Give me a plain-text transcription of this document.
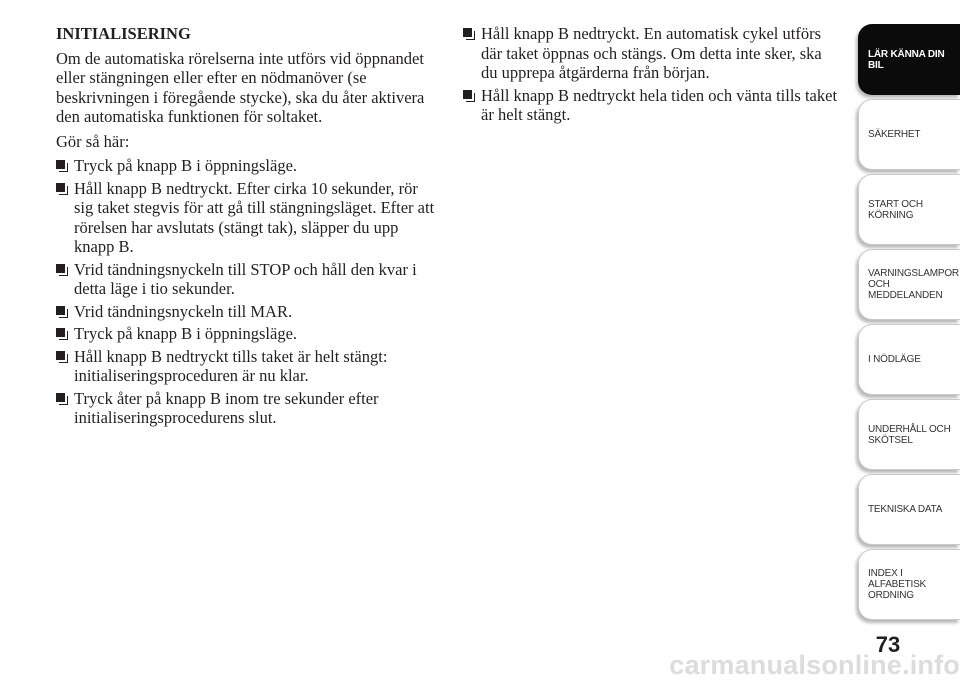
INITIALISERING
Om de automatiska rörelserna inte utförs vid öppnandet eller stängningen eller efter en nödmanöver (se beskrivningen i föregående stycke), ska du åter aktivera den automatiska funktionen för soltaket.
Gör så här:
Tryck på knapp B i öppningsläge.
Håll knapp B nedtryckt. Efter cirka 10 sekunder, rör sig taket stegvis för att gå till stängningsläget. Efter att rörelsen har avslutats (stängt tak), släpper du upp knapp B.
Vrid tändningsnyckeln till STOP och håll den kvar i detta läge i tio sekunder.
Vrid tändningsnyckeln till MAR.
Tryck på knapp B i öppningsläge.
Håll knapp B nedtryckt tills taket är helt stängt: initialiseringsproceduren är nu klar.
Tryck åter på knapp B inom tre sekunder efter initialiseringsprocedurens slut.
Håll knapp B nedtryckt. En automatisk cykel utförs där taket öppnas och stängs. Om detta inte sker, ska du upprepa åtgärderna från början.
Håll knapp B nedtryckt hela tiden och vänta tills taket är helt stängt.
LÄR KÄNNA DIN
BIL
SÄKERHET
START OCH
KÖRNING
VARNINGSLAMPOR
OCH
MEDDELANDEN
I NÖDLÄGE
UNDERHÅLL OCH
SKÖTSEL
TEKNISKA DATA
INDEX I
ALFABETISK
ORDNING
73
carmanualsonline.info
